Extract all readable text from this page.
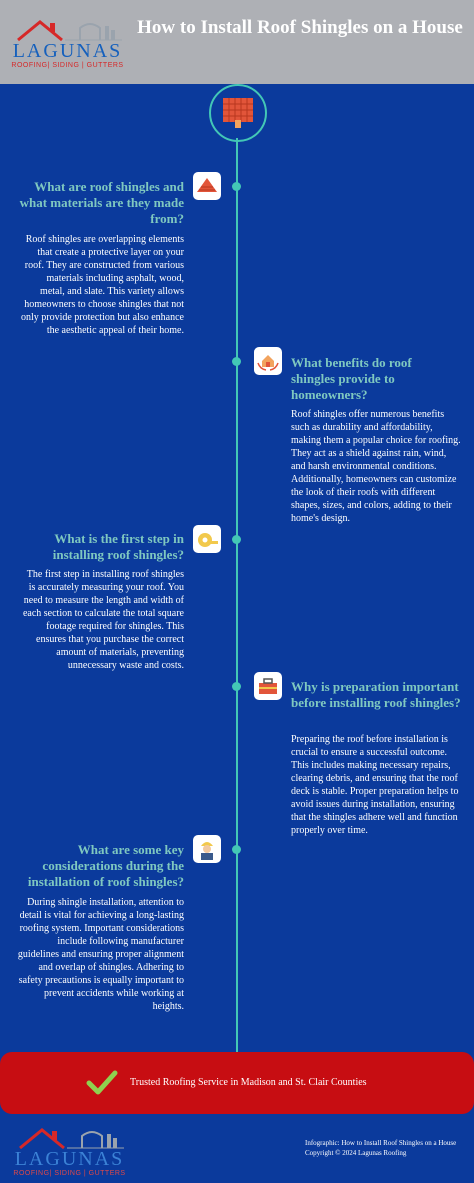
LAGUNAS
ROOFING| SIDING | GUTTERS
How to Install Roof Shingles on a House
What are roof shingles and what materials are they made from?
Roof shingles are overlapping elements that create a protective layer on your roof. They are constructed from various materials including asphalt, wood, metal, and slate. This variety allows homeowners to choose shingles that not only provide protection but also enhance the aesthetic appeal of their home.
What benefits do roof shingles provide to homeowners?
Roof shingles offer numerous benefits such as durability and affordability, making them a popular choice for roofing. They act as a shield against rain, wind, and harsh environmental conditions. Additionally, homeowners can customize the look of their roofs with different shapes, sizes, and colors, adding to their home's design.
What is the first step in installing roof shingles?
The first step in installing roof shingles is accurately measuring your roof. You need to measure the length and width of each section to calculate the total square footage required for shingles. This ensures that you purchase the correct amount of materials, preventing unnecessary waste and costs.
Why is preparation important before installing roof shingles?
Preparing the roof before installation is crucial to ensure a successful outcome. This includes making necessary repairs, clearing debris, and ensuring that the roof deck is stable. Proper preparation helps to avoid issues during installation, ensuring that the shingles adhere well and function properly over time.
What are some key considerations during the installation of roof shingles?
During shingle installation, attention to detail is vital for achieving a long-lasting roofing system. Important considerations include following manufacturer guidelines and ensuring proper alignment and overlap of shingles. Adhering to safety precautions is equally important to prevent accidents while working at heights.
Trusted Roofing Service in Madison and St. Clair Counties
LAGUNAS
ROOFING| SIDING | GUTTERS
Infographic: How to Install Roof Shingles on a House
Copyright © 2024 Lagunas Roofing
